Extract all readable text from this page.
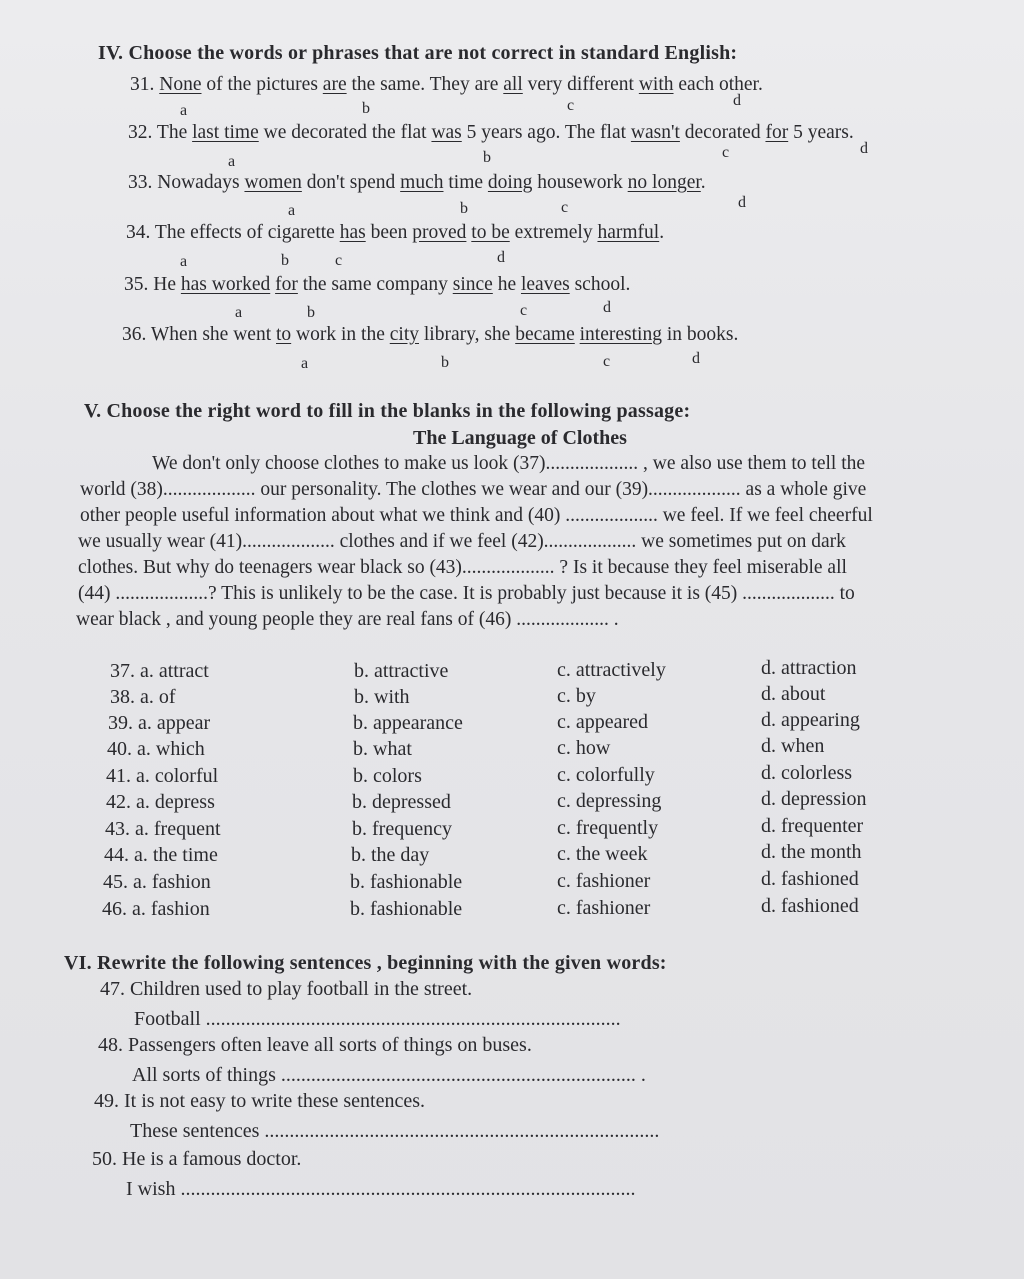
IV. Choose the words or phrases that are not correct in standard English:
31. None of the pictures are the same. They are all very different with each other.
a	b	c	d
32. The last time we decorated the flat was 5 years ago. The flat wasn't decorated for 5 years.
a	b	c	d
33. Nowadays women don't spend much time doing housework no longer.
a	b	c	d
34. The effects of cigarette has been proved to be extremely harmful.
a	b	c	d
35. He has worked for the same company since he leaves school.
a	b	c	d
36. When she went to work in the city library, she became interesting in books.
a	b	c	d
V. Choose the right word to fill in the blanks in the following passage:
The Language of Clothes
We don't only choose clothes to make us look (37)................... , we also use them to tell the
world (38)................... our personality. The clothes we wear and our (39)................... as a whole give
other people useful information about what we think and (40) ................... we feel. If we feel cheerful
we usually wear (41)................... clothes and if we feel (42)................... we sometimes put on dark
clothes. But why do teenagers wear black so (43)................... ? Is it because they feel miserable all
(44) ...................? This is unlikely to be the case. It is probably just because it is (45) ................... to
wear black , and young people they are real fans of (46) ................... .
37. a. attract	b. attractive	c. attractively	d. attraction
38. a. of	b. with	c. by	d. about
39. a. appear	b. appearance	c. appeared	d. appearing
40. a. which	b. what	c. how	d. when
41. a. colorful	b. colors	c. colorfully	d. colorless
42. a. depress	b. depressed	c. depressing	d. depression
43. a. frequent	b. frequency	c. frequently	d. frequenter
44. a. the time	b. the day	c. the week	d. the month
45. a. fashion	b. fashionable	c. fashioner	d. fashioned
46. a. fashion	b. fashionable	c. fashioner	d. fashioned
VI. Rewrite the following sentences , beginning with the given words:
47. Children used to play football in the street.
Football ...................................................................................
48. Passengers often leave all sorts of things on buses.
All sorts of things ....................................................................... .
49. It is not easy to write these sentences.
These sentences ...............................................................................
50. He is a famous doctor.
I wish ...........................................................................................
